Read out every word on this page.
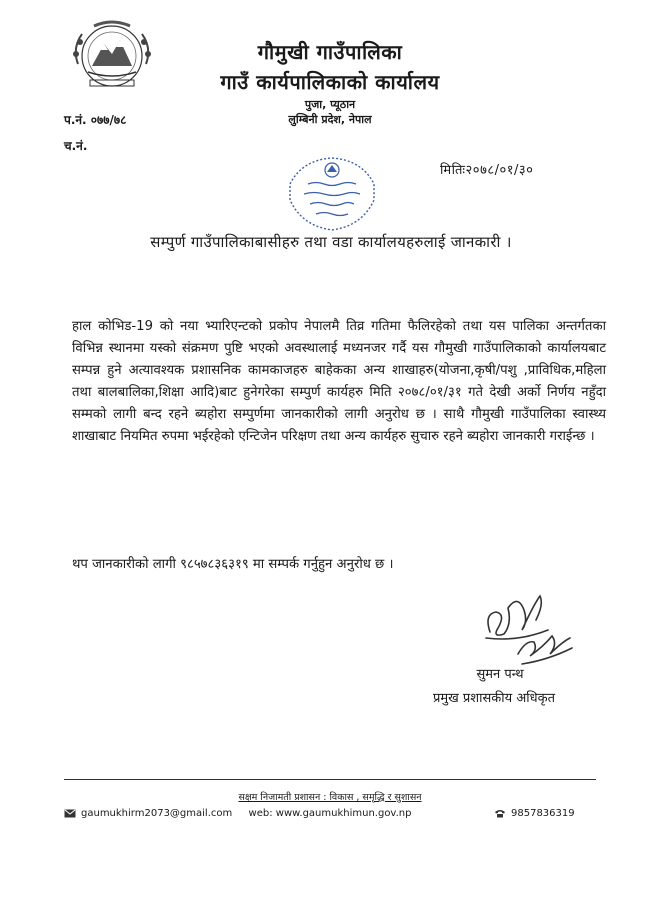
गौमुखी गाउँपालिका
गाउँ कार्यपालिकाको कार्यालय
पुजा, प्यूठान
लुम्बिनी प्रदेश, नेपाल
प.नं. ०७७/७८
च.नं.
मितिः२०७८/०१/३०
सम्पुर्ण गाउँपालिकाबासीहरु तथा वडा कार्यालयहरुलाई जानकारी ।

हाल कोभिड-19 को नया भ्यारिएन्टको प्रकोप नेपालमै तिव्र गतिमा फैलिरहेको तथा यस पालिका अन्तर्गतका विभिन्न स्थानमा यस्को संक्रमण पुष्टि भएको अवस्थालाई मध्यनजर गर्दै यस गौमुखी गाउँपालिकाको कार्यालयबाट सम्पन्न हुने अत्यावश्यक प्रशासनिक कामकाजहरु बाहेकका अन्य शाखाहरु(योजना,कृषी/पशु ,प्राविधिक,महिला तथा बालबालिका,शिक्षा आदि)बाट हुनेगरेका सम्पुर्ण कार्यहरु मिति २०७८/०१/३१ गते देखी अर्को निर्णय नहुँदा सम्मको लागी बन्द रहने ब्यहोरा सम्पुर्णमा जानकारीको लागी अनुरोध छ । साथै गौमुखी गाउँपालिका स्वास्थ्य शाखाबाट नियमित रुपमा भईरहेको एन्टिजेन परिक्षण तथा अन्य कार्यहरु सुचारु रहने ब्यहोरा जानकारी गराईन्छ ।

थप जानकारीको लागी ९८५७८३६३१९ मा सम्पर्क गर्नुहुन अनुरोध छ ।

सुमन पन्थ
प्रमुख प्रशासकीय अधिकृत
सक्षम निजामती प्रशासन : विकास , समृद्धि र सुशासन
gaumukhirm2073@gmail.com	web: www.gaumukhimun.gov.np	9857836319
